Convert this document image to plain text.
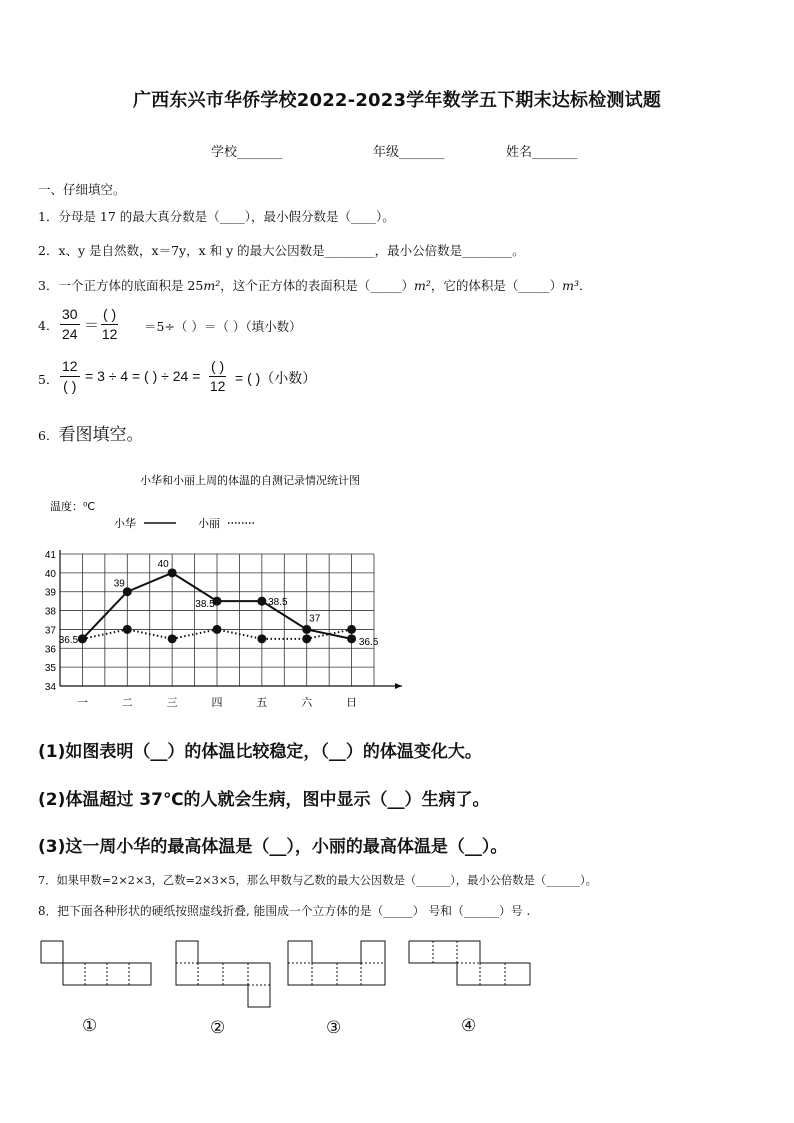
广西东兴市华侨学校2022-2023学年数学五下期末达标检测试题
学校_______	年级_______	姓名_______
一、仔细填空。
1．分母是 17 的最大真分数是（____），最小假分数是（____）。
2．x、y 是自然数，x＝7y，x 和 y 的最大公因数是________，最小公倍数是________。
3．一个正方体的底面积是 25m²，这个正方体的表面积是（_____）m²，它的体积是（_____）m³．
4． $\frac{30}{24}$ ＝
( )
12 ＝5÷（ ）＝（ ）（填小数）
5．
12
( )
= 3 ÷ 4 = ( ) ÷ 24 =
( )
12 = ( )（小数）
6．看图填空。
小华和小丽上周的体温的自测记录情况统计图
温度：⁰C
小华	小丽
34
35
36
37
38
39
40
41
一	二	三	四	五	六	日
36.5
39
40
38.5	38.5
37
36.5
(1)如图表明（__）的体温比较稳定，（__）的体温变化大。
(2)体温超过 37℃的人就会生病，图中显示（__）生病了。
(3)这一周小华的最高体温是（__），小丽的最高体温是（__）。
7．如果甲数=2×2×3，乙数=2×3×5，那么甲数与乙数的最大公因数是（______），最小公倍数是（______）。
8．把下面各种形状的硬纸按照虚线折叠, 能围成一个立方体的是（_____） 号和（______）号 .
①	②	③	④
